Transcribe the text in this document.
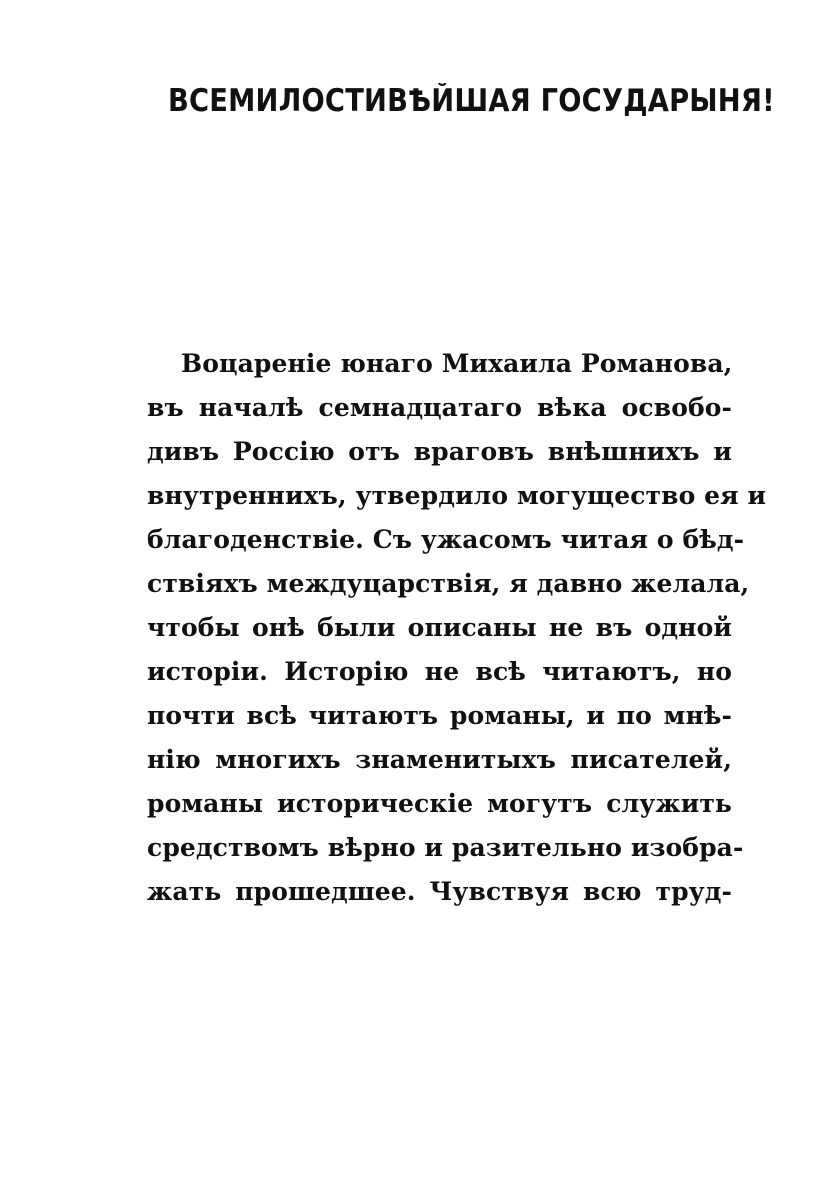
ВСЕМИЛОСТИВѢЙШАЯ ГОСУДАРЫНЯ!
Воцареніе юнаго Михаила Романова,
въ началѣ семнадцатаго вѣка освобо-
дивъ Россію отъ враговъ внѣшнихъ и
внутреннихъ, утвердило могущество ея и
благоденствіе. Съ ужасомъ читая о бѣд-
ствіяхъ междуцарствія, я давно желала,
чтобы онѣ были описаны не въ одной
исторіи. Исторію не всѣ читаютъ, но
почти всѣ читаютъ романы, и по мнѣ-
нію многихъ знаменитыхъ писателей,
романы историческіе могутъ служить
средствомъ вѣрно и разительно изобра-
жать прошедшее. Чувствуя всю труд-
